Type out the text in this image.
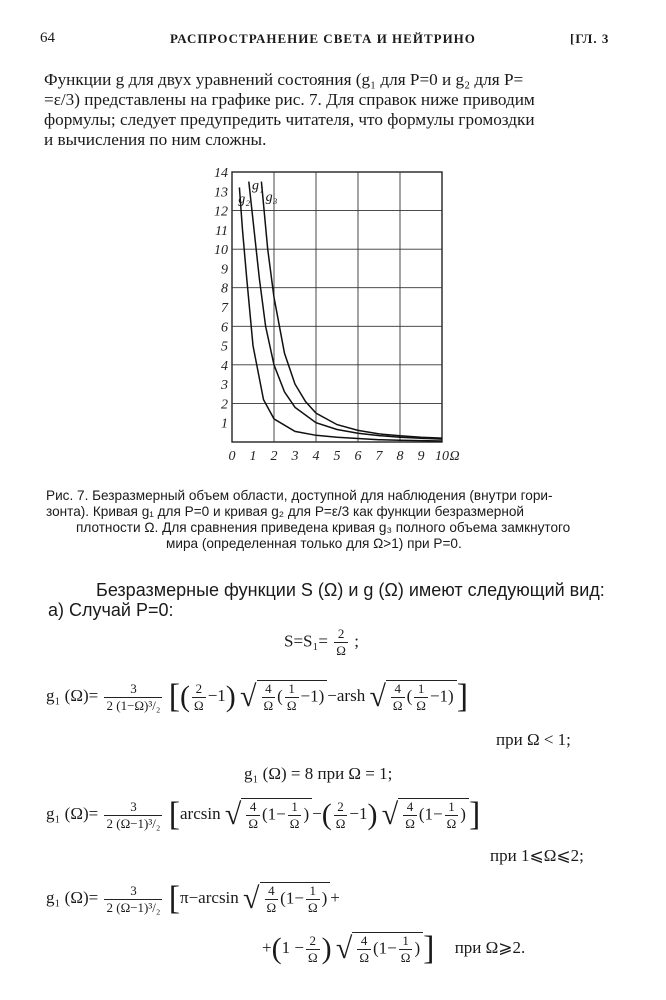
64	РАСПРОСТРАНЕНИЕ СВЕТА И НЕЙТРИНО	[ГЛ. 3
Функции g для двух уравнений состояния (g₁ для P=0 и g₂ для P=
=ε/3) представлены на графике рис. 7. Для справок ниже приводим
формулы; следует предупредить читателя, что формулы громоздки
и вычисления по ним сложны.
14
13
12
11
10
9
8
7
6
5
4
3
2
1
0 1 2 3 4 5 6 7 8 9 10 Ω
g₂
g₁
g₃
Рис. 7. Безразмерный объем области, доступной для наблюдения (внутри гори-
зонта). Кривая g₁ для P=0 и кривая g₂ для P=ε/3 как функции безразмерной
плотности Ω. Для сравнения приведена кривая g₃ полного объема замкнутого
мира (определенная только для Ω>1) при P=0.
Безразмерные функции S (Ω) и g (Ω) имеют следующий вид:
a) Случай P=0:
$S=S_1= \frac{2}{\Omega}$ ;
g₁ $(\Omega)= \frac{3}{\text{2 (1−Ω)³/₂}}$ [( $\frac{2}{\Omega} -1$) √ $\frac{4}{\Omega}$ ( $\frac{1}{\Omega} -1$) −arsh √ $\frac{4}{\Omega}$ ( $\frac{1}{\Omega} -1$)]
при Ω < 1;
g₁ (Ω) = 8 при Ω = 1;
g₁ $(\Omega)= \frac{3}{\text{2 (Ω−1)³/₂}} [\arcsin$ √ $\frac{4}{\Omega} (1- \frac{1}{\Omega}$ ) −( $\frac{2}{\Omega} -1$) √ $\frac{4}{\Omega} (1- \frac{1}{\Omega}$ )]
при 1⩽Ω⩽2;
g₁ $(\Omega)= \frac{3}{\text{2 (Ω−1)³/₂}} [\pi-\arcsin$ √ $\frac{4}{\Omega} (1- \frac{1}{\Omega}$ ) +
$+(1 - \frac{2}{\Omega}$ ) √ $\frac{4}{\Omega} (1- \frac{1}{\Omega}$ )] при Ω⩾2.
